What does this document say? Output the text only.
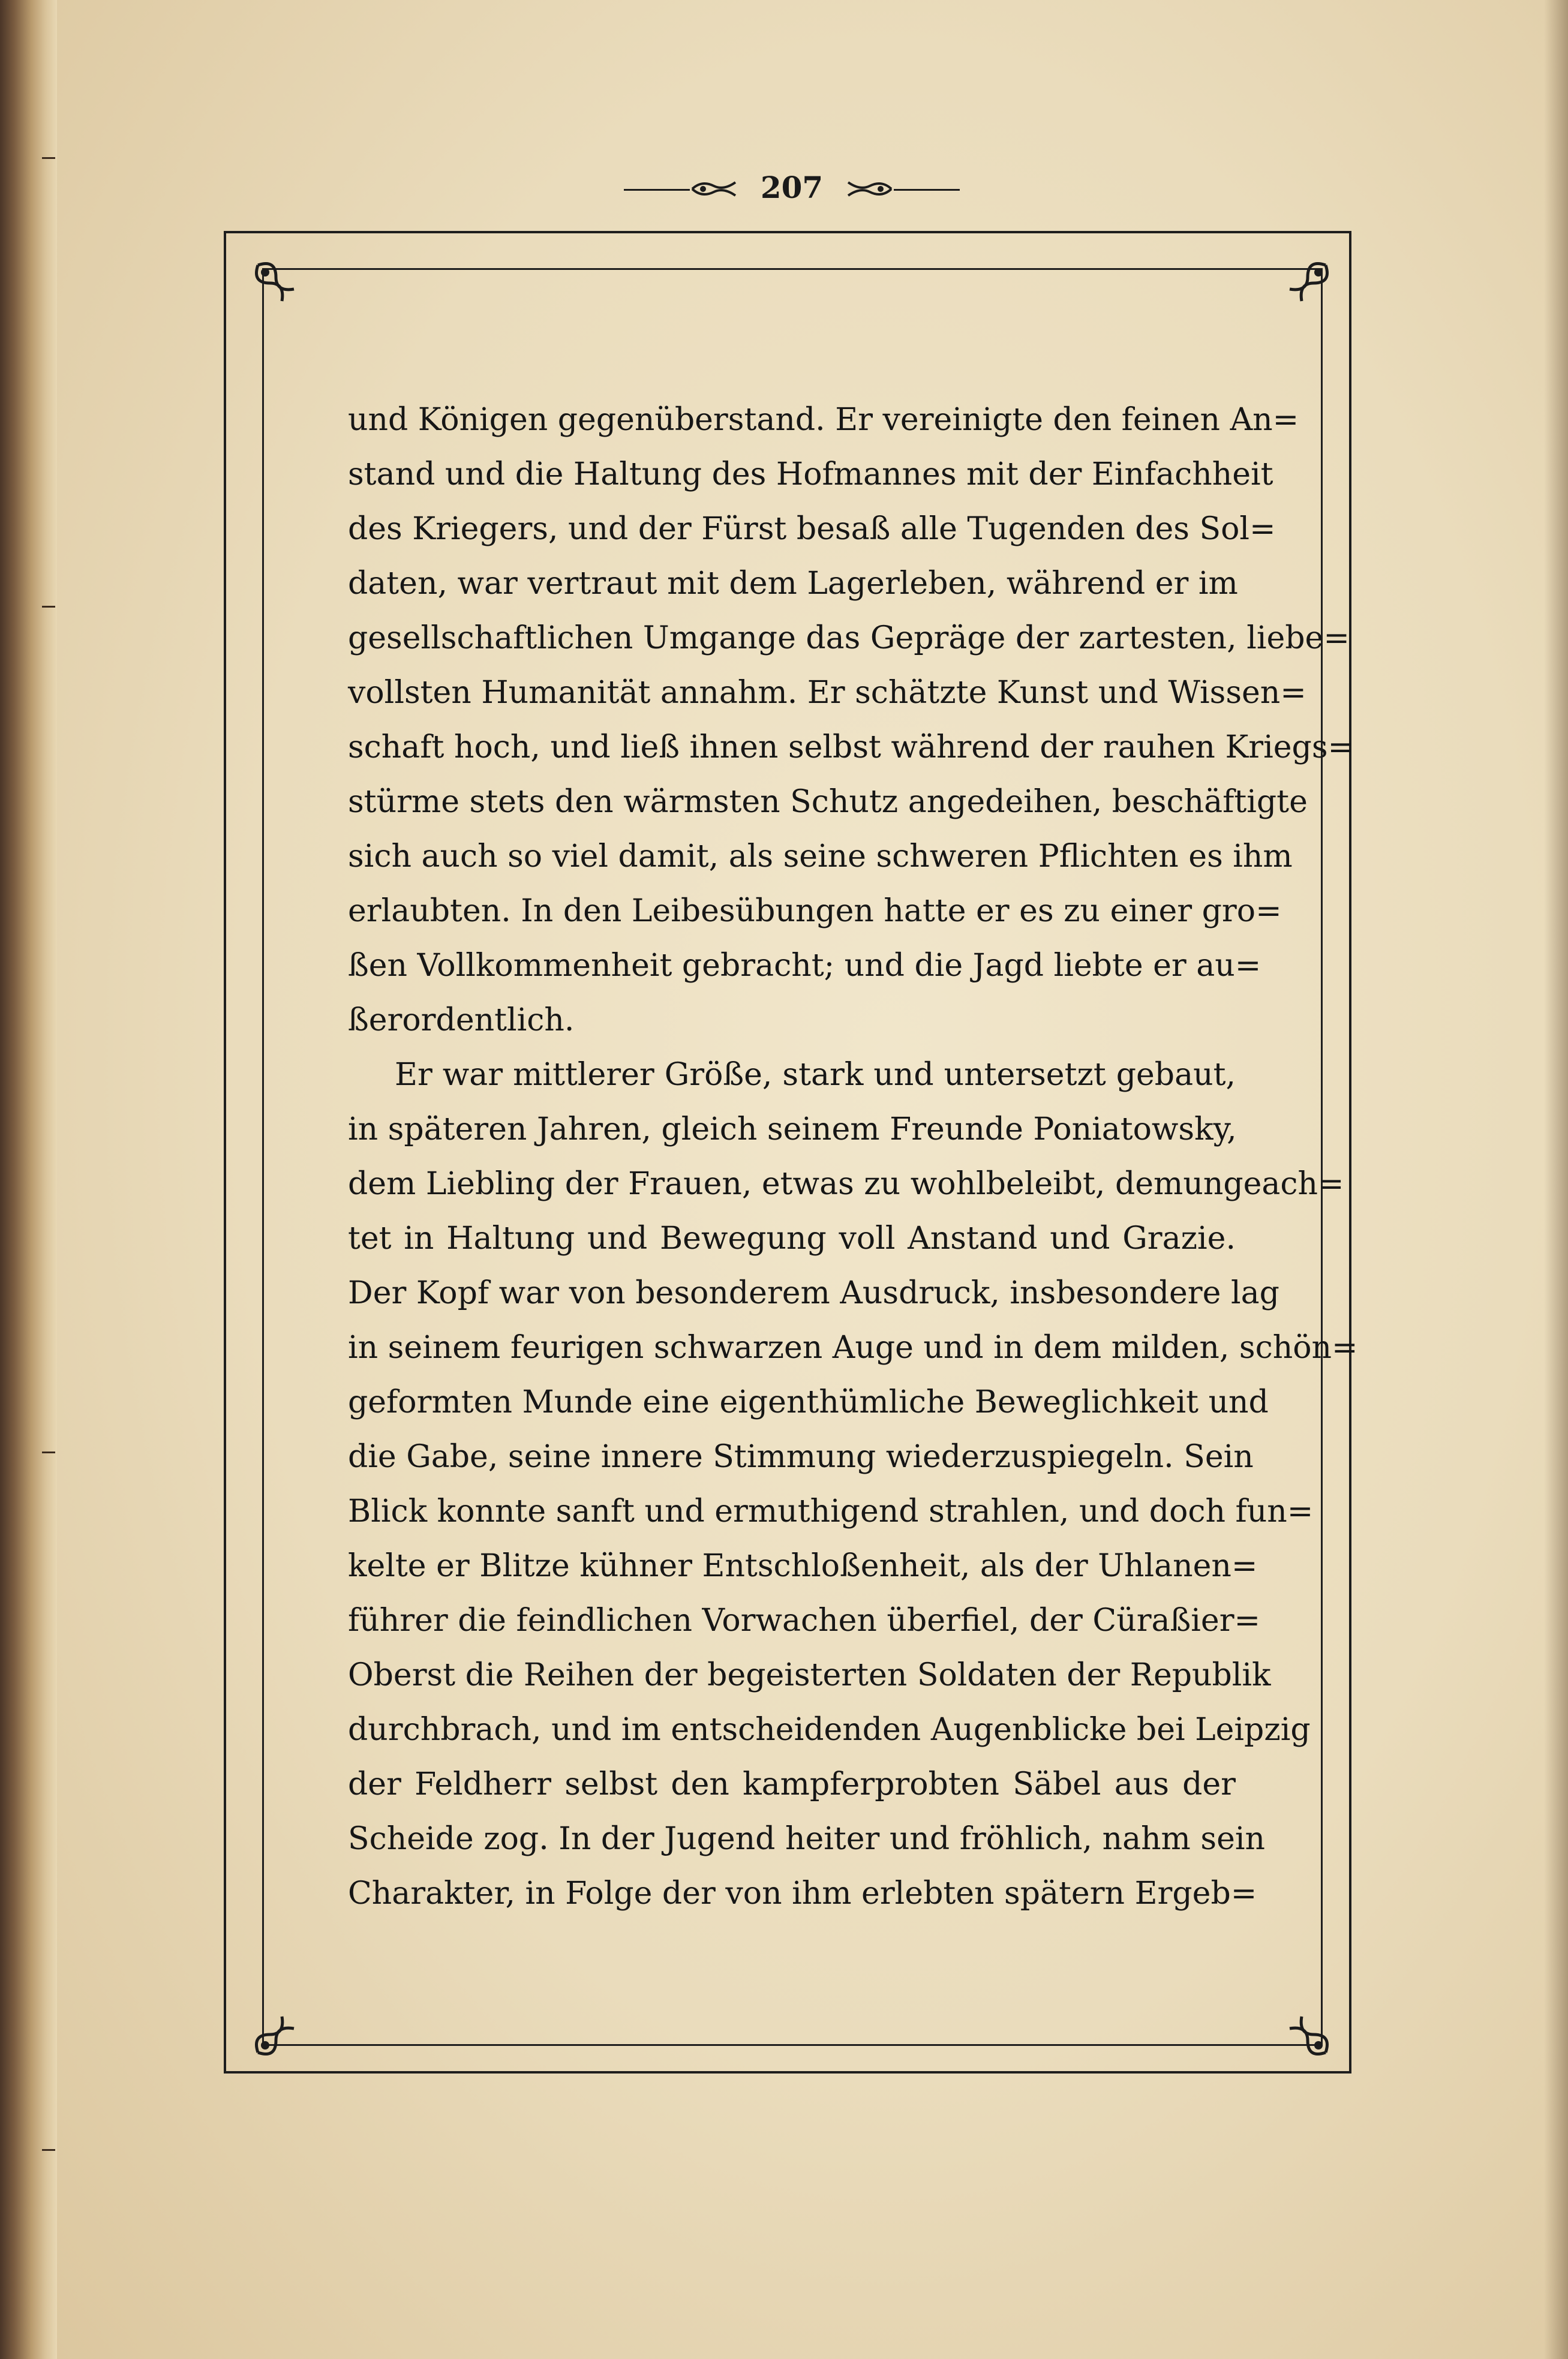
207
und Königen gegenüberstand. Er vereinigte den feinen An=
stand und die Haltung des Hofmannes mit der Einfachheit
des Kriegers, und der Fürst besaß alle Tugenden des Sol=
daten, war vertraut mit dem Lagerleben, während er im
gesellschaftlichen Umgange das Gepräge der zartesten, liebe=
vollsten Humanität annahm. Er schätzte Kunst und Wissen=
schaft hoch, und ließ ihnen selbst während der rauhen Kriegs=
stürme stets den wärmsten Schutz angedeihen, beschäftigte
sich auch so viel damit, als seine schweren Pflichten es ihm
erlaubten. In den Leibesübungen hatte er es zu einer gro=
ßen Vollkommenheit gebracht; und die Jagd liebte er au=
ßerordentlich.
Er war mittlerer Größe, stark und untersetzt gebaut,
in späteren Jahren, gleich seinem Freunde Poniatowsky,
dem Liebling der Frauen, etwas zu wohlbeleibt, demungeach=
tet in Haltung und Bewegung voll Anstand und Grazie.
Der Kopf war von besonderem Ausdruck, insbesondere lag
in seinem feurigen schwarzen Auge und in dem milden, schön=
geformten Munde eine eigenthümliche Beweglichkeit und
die Gabe, seine innere Stimmung wiederzuspiegeln. Sein
Blick konnte sanft und ermuthigend strahlen, und doch fun=
kelte er Blitze kühner Entschloßenheit, als der Uhlanen=
führer die feindlichen Vorwachen überfiel, der Cüraßier=
Oberst die Reihen der begeisterten Soldaten der Republik
durchbrach, und im entscheidenden Augenblicke bei Leipzig
der Feldherr selbst den kampferprobten Säbel aus der
Scheide zog. In der Jugend heiter und fröhlich, nahm sein
Charakter, in Folge der von ihm erlebten spätern Ergeb=
